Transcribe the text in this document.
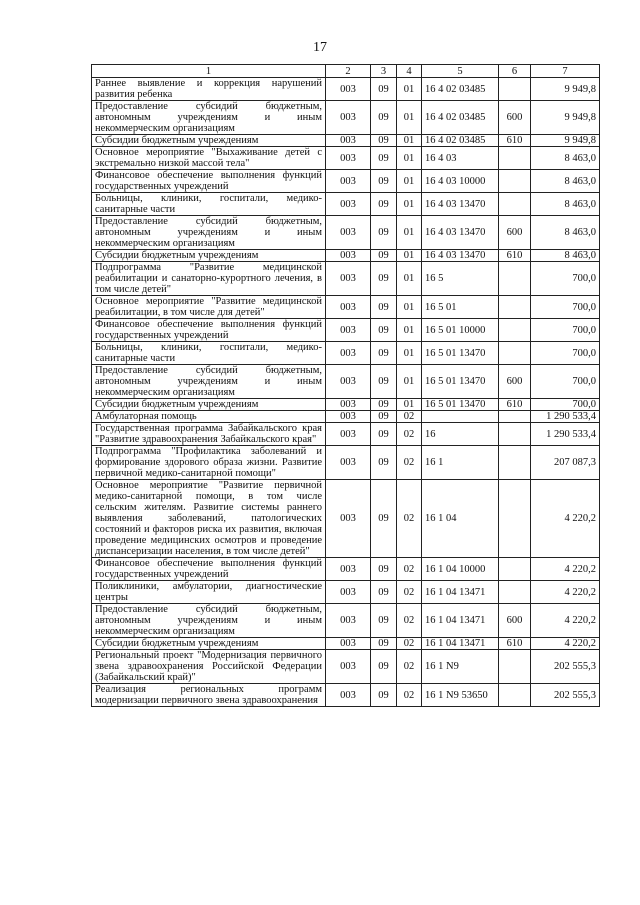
17
1	2	3	4	5	6	7
Раннее выявление и коррекция нарушений развития ребенка	003	09	01	16 4 02 03485		9 949,8
Предоставление субсидий бюджетным, автономным учреждениям и иным некоммерческим организациям	003	09	01	16 4 02 03485	600	9 949,8
Субсидии бюджетным учреждениям	003	09	01	16 4 02 03485	610	9 949,8
Основное мероприятие "Выхаживание детей с экстремально низкой массой тела"	003	09	01	16 4 03		8 463,0
Финансовое обеспечение выполнения функций государственных учреждений	003	09	01	16 4 03 10000		8 463,0
Больницы, клиники, госпитали, медико-санитарные части	003	09	01	16 4 03 13470		8 463,0
Предоставление субсидий бюджетным, автономным учреждениям и иным некоммерческим организациям	003	09	01	16 4 03 13470	600	8 463,0
Субсидии бюджетным учреждениям	003	09	01	16 4 03 13470	610	8 463,0
Подпрограмма "Развитие медицинской реабилитации и санаторно-курортного лечения, в том числе детей"	003	09	01	16 5		700,0
Основное мероприятие "Развитие медицинской реабилитации, в том числе для детей"	003	09	01	16 5 01		700,0
Финансовое обеспечение выполнения функций государственных учреждений	003	09	01	16 5 01 10000		700,0
Больницы, клиники, госпитали, медико-санитарные части	003	09	01	16 5 01 13470		700,0
Предоставление субсидий бюджетным, автономным учреждениям и иным некоммерческим организациям	003	09	01	16 5 01 13470	600	700,0
Субсидии бюджетным учреждениям	003	09	01	16 5 01 13470	610	700,0
Амбулаторная помощь	003	09	02			1 290 533,4
Государственная программа Забайкальского края "Развитие здравоохранения Забайкальского края"	003	09	02	16		1 290 533,4
Подпрограмма "Профилактика заболеваний и формирование здорового образа жизни. Развитие первичной медико-санитарной помощи"	003	09	02	16 1		207 087,3
Основное мероприятие "Развитие первичной медико-санитарной помощи, в том числе сельским жителям. Развитие системы раннего выявления заболеваний, патологических состояний и факторов риска их развития, включая проведение медицинских осмотров и проведение диспансеризации населения, в том числе детей"	003	09	02	16 1 04		4 220,2
Финансовое обеспечение выполнения функций государственных учреждений	003	09	02	16 1 04 10000		4 220,2
Поликлиники, амбулатории, диагностические центры	003	09	02	16 1 04 13471		4 220,2
Предоставление субсидий бюджетным, автономным учреждениям и иным некоммерческим организациям	003	09	02	16 1 04 13471	600	4 220,2
Субсидии бюджетным учреждениям	003	09	02	16 1 04 13471	610	4 220,2
Региональный проект "Модернизация первичного звена здравоохранения Российской Федерации (Забайкальский край)"	003	09	02	16 1 N9		202 555,3
Реализация региональных программ модернизации первичного звена здравоохранения	003	09	02	16 1 N9 53650		202 555,3
